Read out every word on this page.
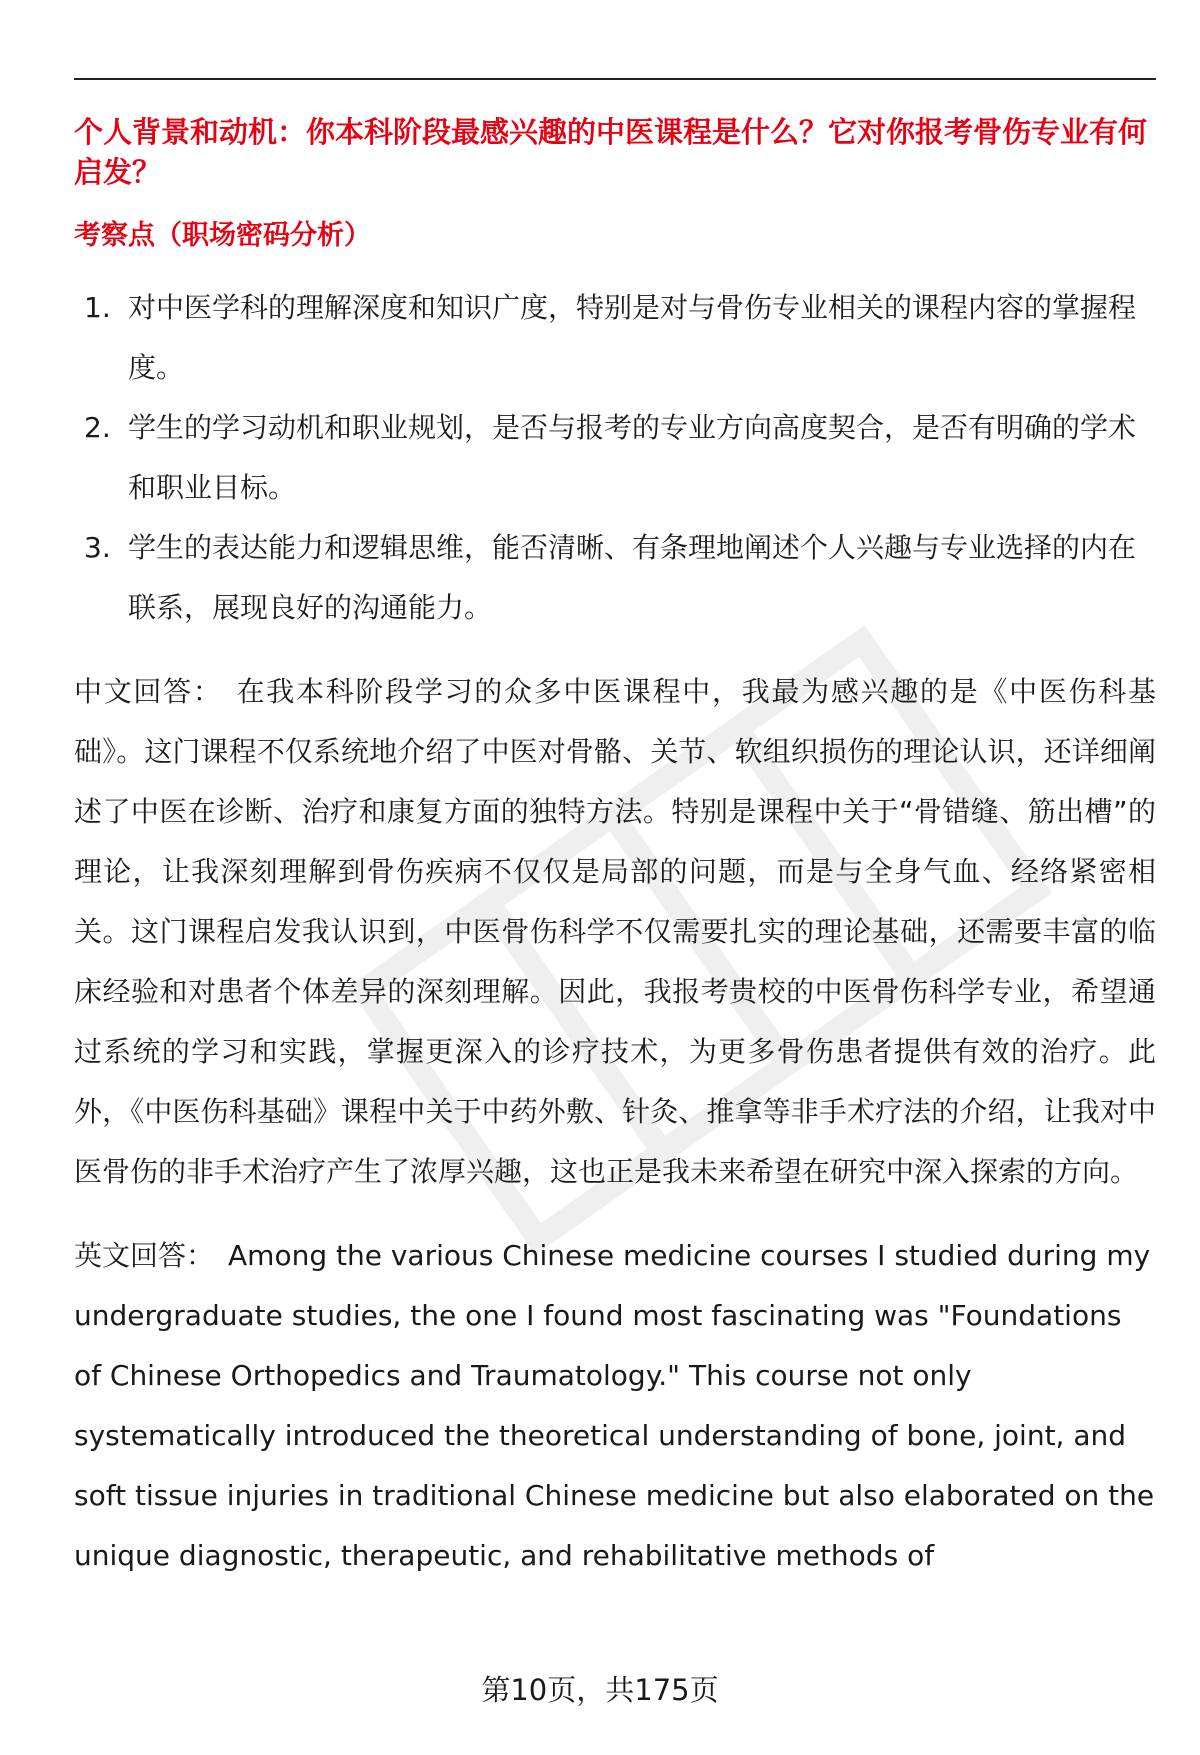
个人背景和动机：你本科阶段最感兴趣的中医课程是什么？它对你报考骨伤专业有何启发？
考察点（职场密码分析）
1. 对中医学科的理解深度和知识广度，特别是对与骨伤专业相关的课程内容的掌握程度。
2. 学生的学习动机和职业规划，是否与报考的专业方向高度契合，是否有明确的学术和职业目标。
3. 学生的表达能力和逻辑思维，能否清晰、有条理地阐述个人兴趣与专业选择的内在联系，展现良好的沟通能力。

中文回答： 在我本科阶段学习的众多中医课程中，我最为感兴趣的是《中医伤科基础》。这门课程不仅系统地介绍了中医对骨骼、关节、软组织损伤的理论认识，还详细阐述了中医在诊断、治疗和康复方面的独特方法。特别是课程中关于“骨错缝、筋出槽”的理论，让我深刻理解到骨伤疾病不仅仅是局部的问题，而是与全身气血、经络紧密相关。这门课程启发我认识到，中医骨伤科学不仅需要扎实的理论基础，还需要丰富的临床经验和对患者个体差异的深刻理解。因此，我报考贵校的中医骨伤科学专业，希望通过系统的学习和实践，掌握更深入的诊疗技术，为更多骨伤患者提供有效的治疗。此外，《中医伤科基础》课程中关于中药外敷、针灸、推拿等非手术疗法的介绍，让我对中医骨伤的非手术治疗产生了浓厚兴趣，这也正是我未来希望在研究中深入探索的方向。

英文回答： Among the various Chinese medicine courses I studied during my undergraduate studies, the one I found most fascinating was "Foundations of Chinese Orthopedics and Traumatology." This course not only systematically introduced the theoretical understanding of bone, joint, and soft tissue injuries in traditional Chinese medicine but also elaborated on the unique diagnostic, therapeutic, and rehabilitative methods of

第10页，共175页
